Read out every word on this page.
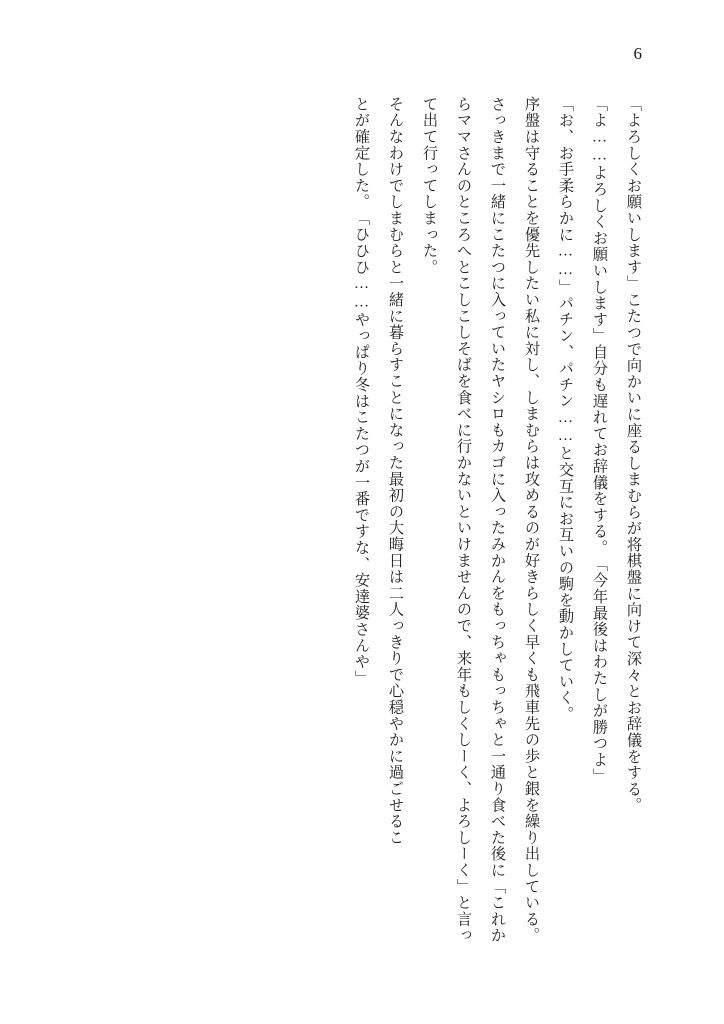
6

「よろしくお願いします」

こたつで向かいに座るしまむらが将棋盤に向けて深々とお辞儀をする。

「よ……よろしくお願いします」

自分も遅れてお辞儀をする。

「今年最後はわたしが勝つよ」

「お、お手柔らかに……」

パチン、パチン……と交互にお互いの駒を動かしていく。

序盤は守ることを優先したい私に対し、しまむらは攻めるのが好きらしく早くも飛車先の歩と銀を繰り出している。

さっきまで一緒にこたつに入っていたヤシロもカゴに入ったみかんをもっちゃもっちゃと一通り食べた後に「これからママさんのところへとこしこしそばを食べに行かないといけませんので、来年もしくしーく、よろしーく」と言って出て行ってしまった。

そんなわけでしまむらと一緒に暮らすことになった最初の大晦日は二人っきりで心穏やかに過ごせるこ

とが確定した。

「ひひひ……やっぱり冬はこたつが一番ですな、安達婆さんや」
